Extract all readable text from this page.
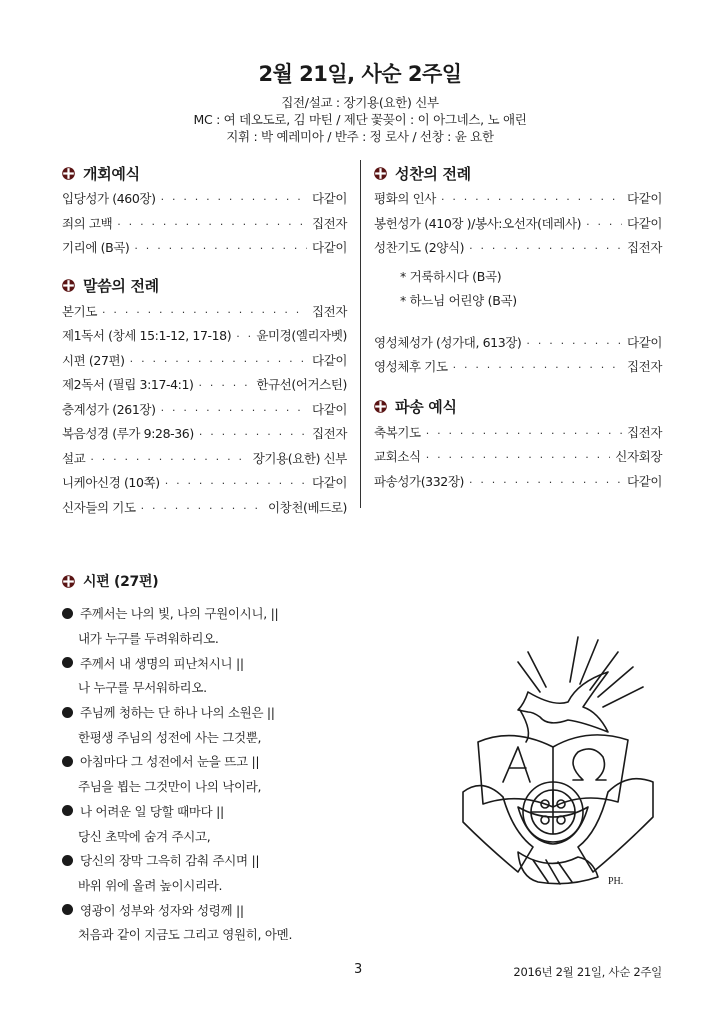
2월 21일, 사순 2주일
집전/설교 : 장기용(요한) 신부
MC : 여 데오도로, 김 마틴 / 제단 꽃꽂이 : 이 아그네스, 노 애린
지휘 : 박 예레미아 / 반주 : 정 로사 / 선창 : 윤 요한
개회예식
입당성가 (460장) · · ·	다같이
죄의 고백 · · ·	집전자
기리에 (B곡) · · ·	다같이
말씀의 전례
본기도 · · ·	집전자
제1독서 (창세 15:1-12, 17-18) · · · 윤미경(엘리자벳)
시편 (27편) · · ·	다같이
제2독서 (필립 3:17-4:1) · · ·	한규선(어거스틴)
층계성가 (261장) · · ·	다같이
복음성경 (루가 9:28-36) · · ·	집전자
설교 · · ·	장기용(요한) 신부
니케아신경 (10쪽) · · ·	다같이
신자들의 기도 · · ·	이창천(베드로)
성찬의 전례
평화의 인사 · · ·	다같이
봉헌성가 (410장 )/봉사:오선자(데레사) · · ·	다같이
성찬기도 (2양식) · · ·	집전자
* 거룩하시다 (B곡)
* 하느님 어린양 (B곡)
영성체성가 (성가대, 613장) · · ·	다같이
영성체후 기도 · · ·	집전자
파송 예식
축복기도 · · ·	집전자
교회소식 · · ·	신자회장
파송성가(332장) · · ·	다같이
시편 (27편)
주께서는 나의 빛, 나의 구원이시니, ||
내가 누구를 두려워하리오.
주께서 내 생명의 피난처시니 ||
나 누구를 무서워하리오.
주님께 청하는 단 하나 나의 소원은 ||
한평생 주님의 성전에 사는 그것뿐,
아침마다 그 성전에서 눈을 뜨고 ||
주님을 뵙는 그것만이 나의 낙이라,
나 어려운 일 당할 때마다 ||
당신 초막에 숨겨 주시고,
당신의 장막 그윽히 감춰 주시며 ||
바위 위에 올려 높이시리라.
영광이 성부와 성자와 성령께 ||
처음과 같이 지금도 그리고 영원히, 아멘.
PH.
3	2016년 2월 21일, 사순 2주일
